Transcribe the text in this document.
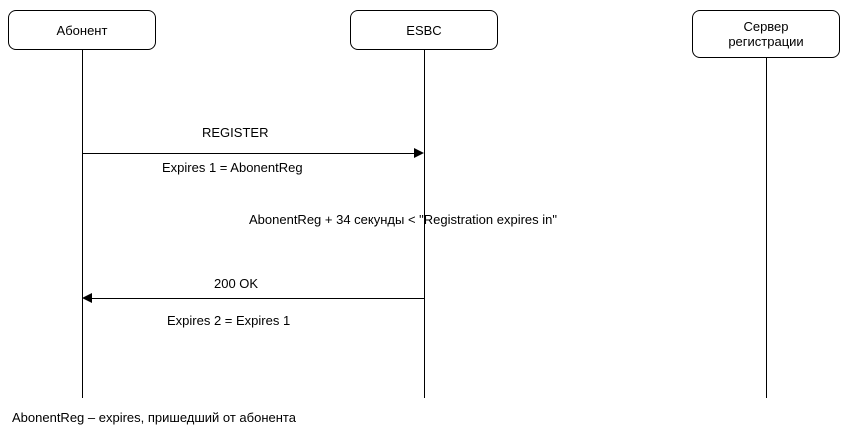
Абонент	ESBC	Сервер
регистрации
REGISTER
Expires 1 = AbonentReg
AbonentReg + 34 секунды < "Registration expires in"
200 OK
Expires 2 = Expires 1
AbonentReg – expires, пришедший от абонента
